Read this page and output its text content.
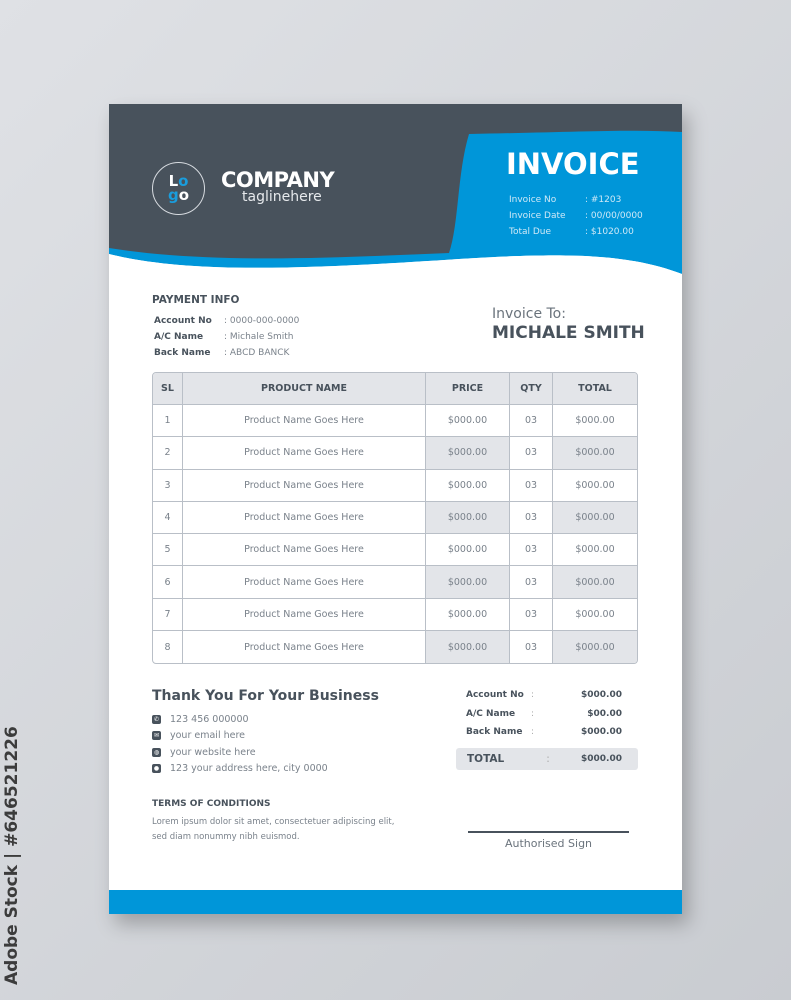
Lo
go
COMPANY
taglinehere
INVOICE
Invoice No	: #1203
Invoice Date	: 00/00/0000
Total Due	: $1020.00
PAYMENT INFO
Account No	: 0000-000-0000
A/C Name	: Michale Smith
Back Name	: ABCD BANCK
Invoice To:
MICHALE SMITH
SL	PRODUCT NAME	PRICE	QTY	TOTAL
1	Product Name Goes Here	$000.00	03	$000.00
2	Product Name Goes Here	$000.00	03	$000.00
3	Product Name Goes Here	$000.00	03	$000.00
4	Product Name Goes Here	$000.00	03	$000.00
5	Product Name Goes Here	$000.00	03	$000.00
6	Product Name Goes Here	$000.00	03	$000.00
7	Product Name Goes Here	$000.00	03	$000.00
8	Product Name Goes Here	$000.00	03	$000.00
Thank You For Your Business
✆ 123 456 000000
✉ your email here
◍ your website here
● 123 your address here, city 0000
TERMS OF CONDITIONS
Lorem ipsum dolor sit amet, consectetuer adipiscing elit, sed diam nonummy nibh euismod.
Account No :	$000.00
A/C Name	:	$00.00
Back Name :	$000.00
TOTAL	:	$000.00
Authorised Sign
Adobe Stock | #646521226
